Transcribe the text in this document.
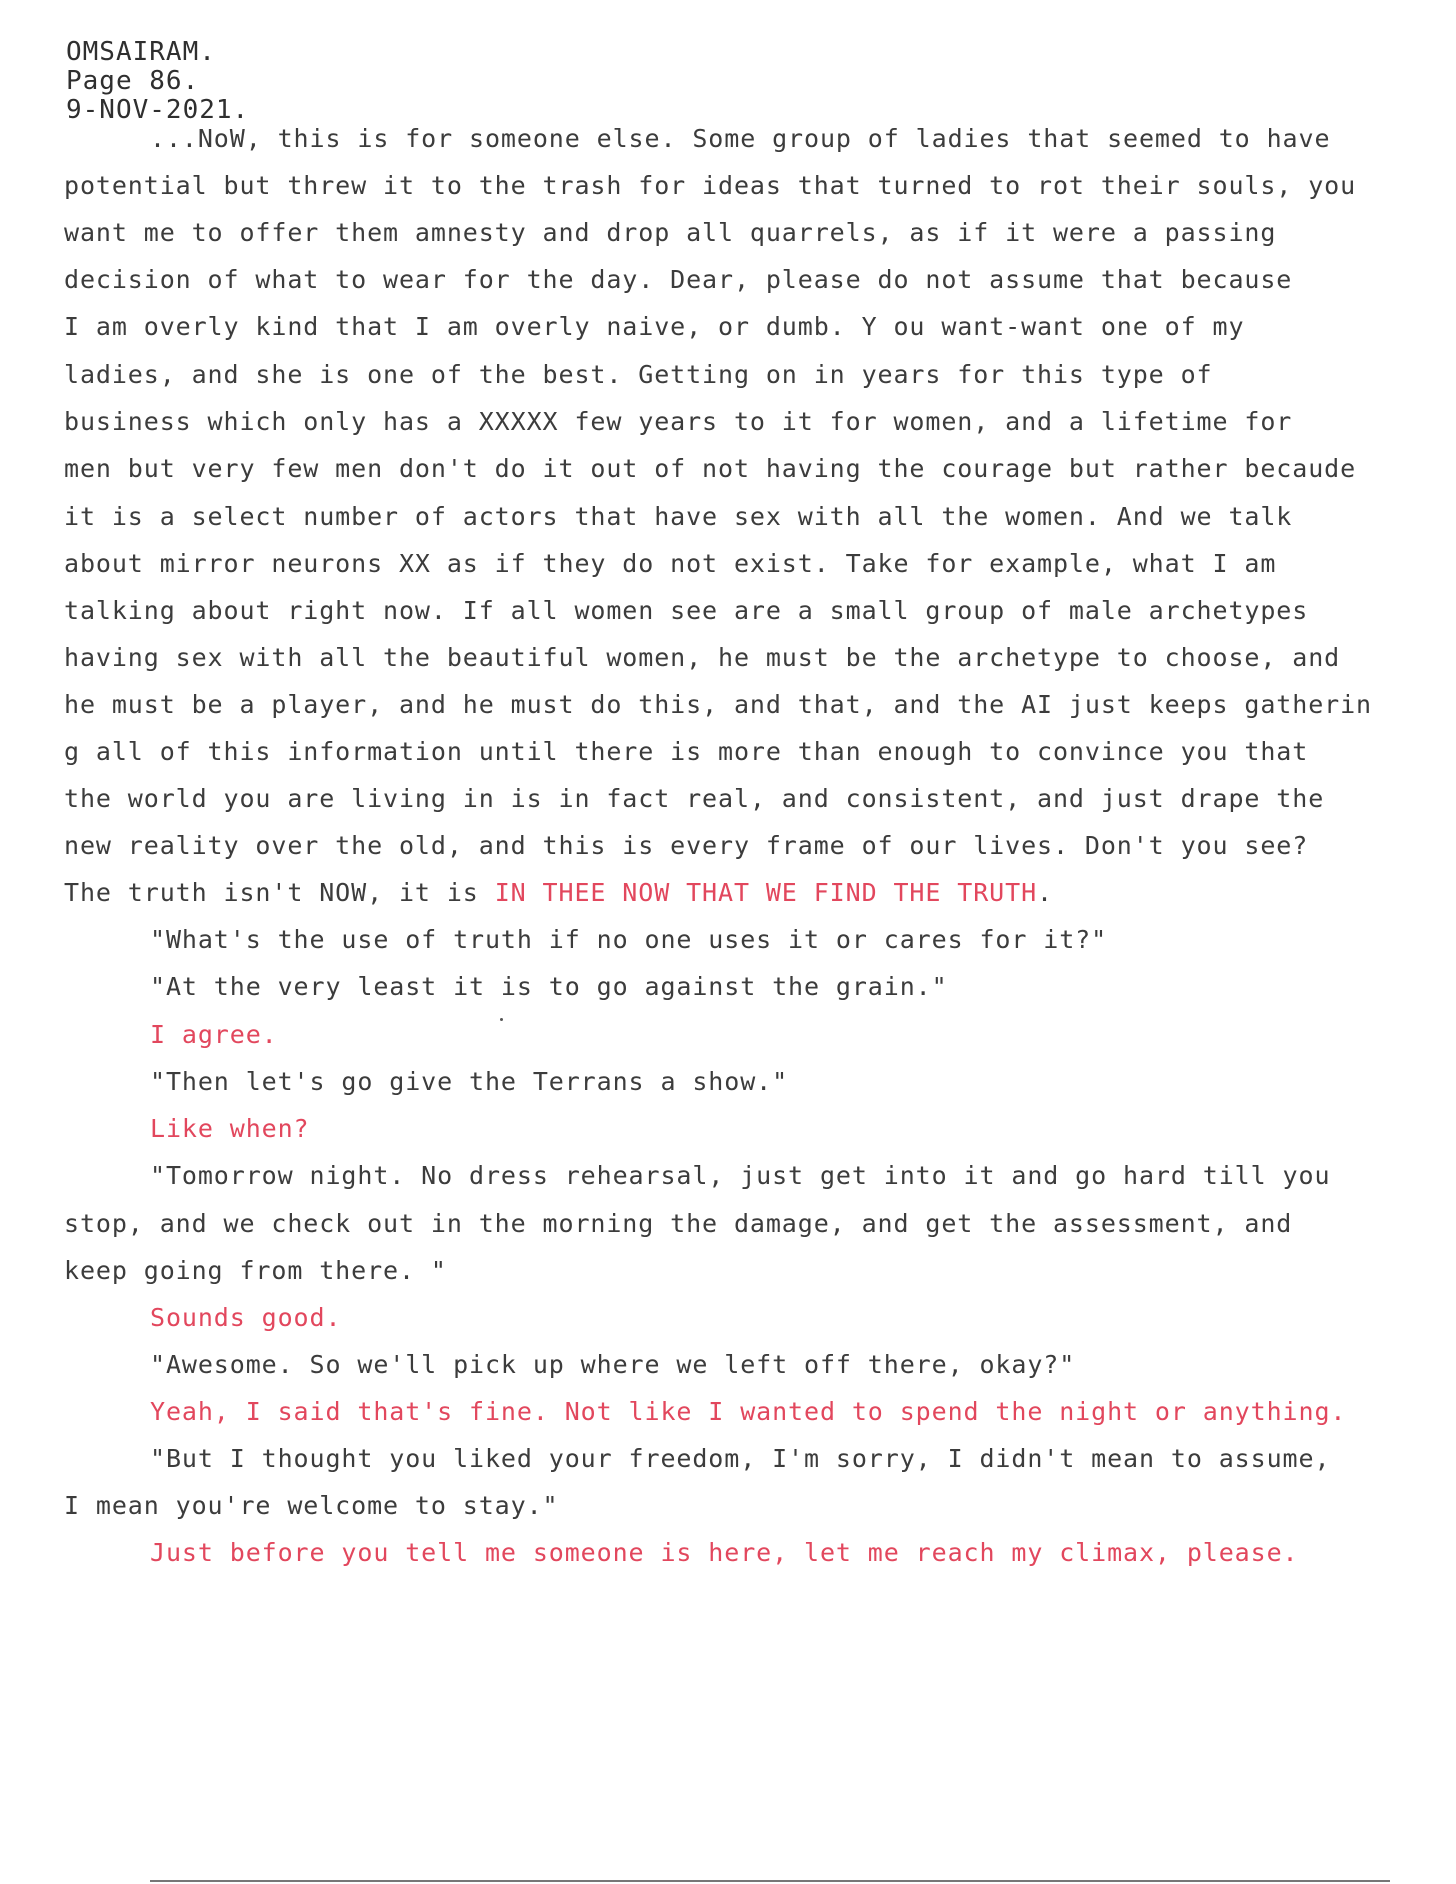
OMSAIRAM.
Page 86.
9-NOV-2021.
...NoW, this is for someone else. Some group of ladies that seemed to have
potential but threw it to the trash for ideas that turned to rot their souls, you
want me to offer them amnesty and drop all quarrels, as if it were a passing
decision of what to wear for the day. Dear, please do not assume that because
I am overly kind that I am overly naive, or dumb. Y ou want-want one of my
ladies, and she is one of the best. Getting on in years for this type of
business which only has a XXXXX few years to it for women, and a lifetime for
men but very few men don't do it out of not having the courage but rather becaude
it is a select number of actors that have sex with all the women. And we talk
about mirror neurons XX as if they do not exist. Take for example, what I am
talking about right now. If all women see are a small group of male archetypes
having sex with all the beautiful women, he must be the archetype to choose, and
he must be a player, and he must do this, and that, and the AI just keeps gatherin
g all of this information until there is more than enough to convince you that
the world you are living in is in fact real, and consistent, and just drape the
new reality over the old, and this is every frame of our lives. Don't you see?
The truth isn't NOW, it is IN THEE NOW THAT WE FIND THE TRUTH.
"What's the use of truth if no one uses it or cares for it?"
"At the very least it is to go against the grain."
I agree.
"Then let's go give the Terrans a show."
Like when?
"Tomorrow night. No dress rehearsal, just get into it and go hard till you
stop, and we check out in the morning the damage, and get the assessment, and
keep going from there. "
Sounds good.
"Awesome. So we'll pick up where we left off there, okay?"
Yeah, I said that's fine. Not like I wanted to spend the night or anything.
"But I thought you liked your freedom, I'm sorry, I didn't mean to assume,
I mean you're welcome to stay."
Just before you tell me someone is here, let me reach my climax, please.
